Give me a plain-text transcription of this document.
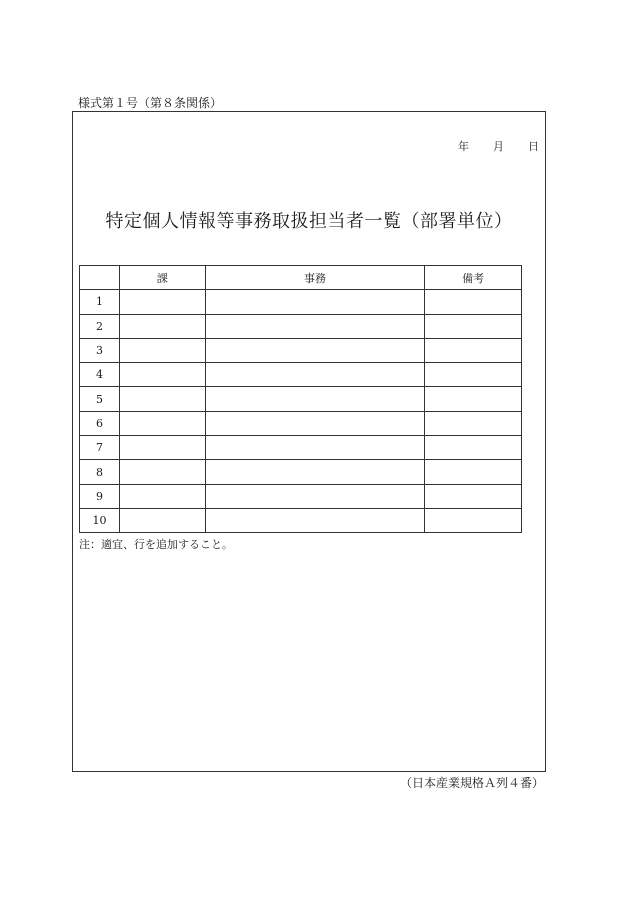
様式第１号（第８条関係）
年 月 日
特定個人情報等事務取扱担当者一覧（部署単位）
	課	事務	備考
1			
2			
3			
4			
5			
6			
7			
8			
9			
10			
注：適宜、行を追加すること。
（日本産業規格Ａ列４番）
